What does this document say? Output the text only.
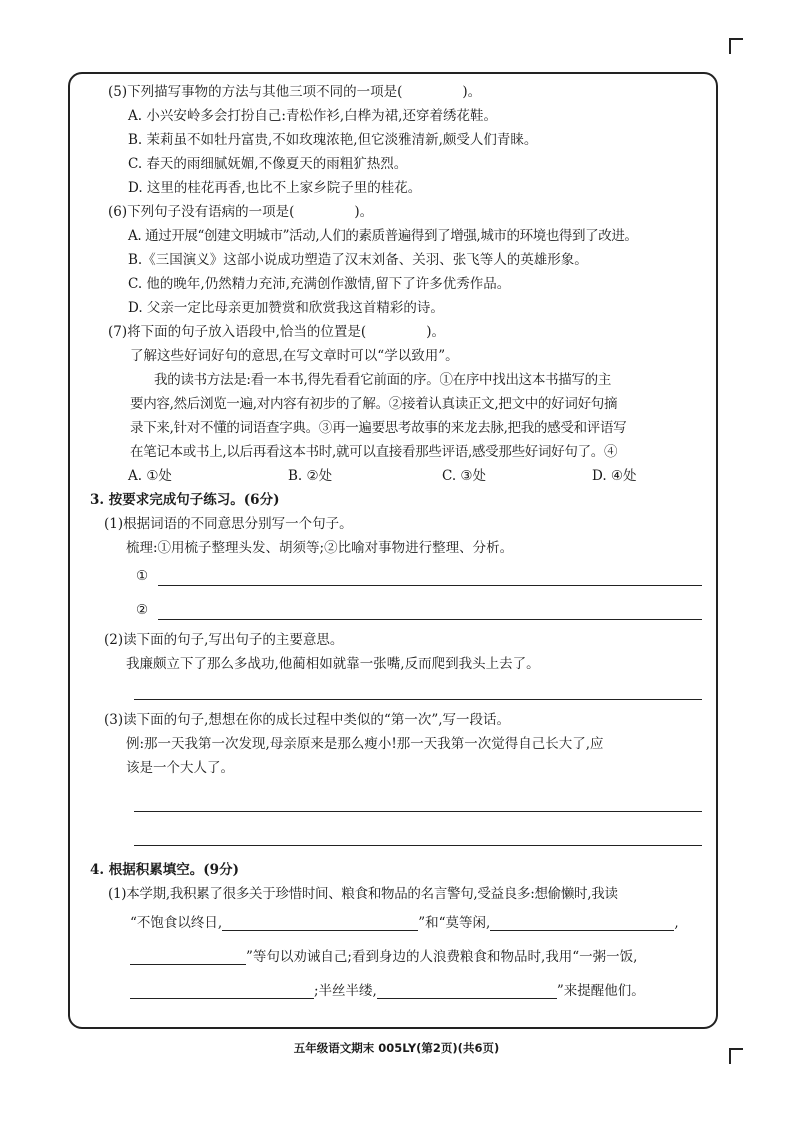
(5)下列描写事物的方法与其他三项不同的一项是(	)。
A. 小兴安岭多会打扮自己:青松作衫,白桦为裙,还穿着绣花鞋。
B. 茉莉虽不如牡丹富贵,不如玫瑰浓艳,但它淡雅清新,颇受人们青睐。
C. 春天的雨细腻妩媚,不像夏天的雨粗犷热烈。
D. 这里的桂花再香,也比不上家乡院子里的桂花。
(6)下列句子没有语病的一项是(	)。
A. 通过开展“创建文明城市”活动,人们的素质普遍得到了增强,城市的环境也得到了改进。
B.《三国演义》这部小说成功塑造了汉末刘备、关羽、张飞等人的英雄形象。
C. 他的晚年,仍然精力充沛,充满创作激情,留下了许多优秀作品。
D. 父亲一定比母亲更加赞赏和欣赏我这首精彩的诗。
(7)将下面的句子放入语段中,恰当的位置是(	)。
了解这些好词好句的意思,在写文章时可以“学以致用”。
我的读书方法是:看一本书,得先看看它前面的序。①在序中找出这本书描写的主
要内容,然后浏览一遍,对内容有初步的了解。②接着认真读正文,把文中的好词好句摘
录下来,针对不懂的词语查字典。③再一遍要思考故事的来龙去脉,把我的感受和评语写
在笔记本或书上,以后再看这本书时,就可以直接看那些评语,感受那些好词好句了。④
A. ①处	B. ②处	C. ③处	D. ④处
3. 按要求完成句子练习。(6分)
(1)根据词语的不同意思分别写一个句子。
梳理:①用梳子整理头发、胡须等;②比喻对事物进行整理、分析。
①
②
(2)读下面的句子,写出句子的主要意思。
我廉颇立下了那么多战功,他蔺相如就靠一张嘴,反而爬到我头上去了。
(3)读下面的句子,想想在你的成长过程中类似的“第一次”,写一段话。
例:那一天我第一次发现,母亲原来是那么瘦小!那一天我第一次觉得自己长大了,应
该是一个大人了。
4. 根据积累填空。(9分)
(1)本学期,我积累了很多关于珍惜时间、粮食和物品的名言警句,受益良多:想偷懒时,我读
“不饱食以终日,	”和“莫等闲,	,
”等句以劝诫自己;看到身边的人浪费粮食和物品时,我用“一粥一饭,
;半丝半缕,	”来提醒他们。
五年级语文期末 005LY(第2页)(共6页)
